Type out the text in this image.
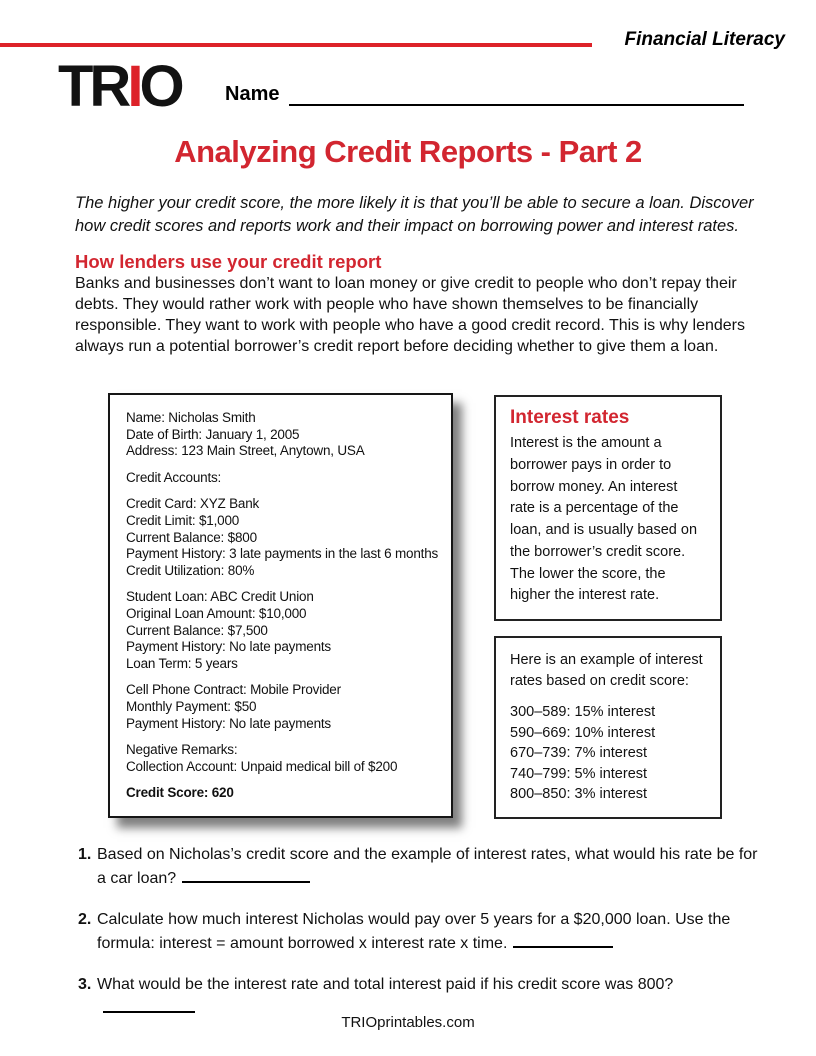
Financial Literacy
TRIO Name
Analyzing Credit Reports - Part 2
The higher your credit score, the more likely it is that you’ll be able to secure a loan. Discover how credit scores and reports work and their impact on borrowing power and interest rates.
How lenders use your credit report
Banks and businesses don’t want to loan money or give credit to people who don’t repay their debts. They would rather work with people who have shown themselves to be financially responsible. They want to work with people who have a good credit record. This is why lenders always run a potential borrower’s credit report before deciding whether to give them a loan.
Name: Nicholas Smith
Date of Birth: January 1, 2005
Address: 123 Main Street, Anytown, USA
Credit Accounts:
Credit Card: XYZ Bank
Credit Limit: $1,000
Current Balance: $800
Payment History: 3 late payments in the last 6 months
Credit Utilization: 80%
Student Loan: ABC Credit Union
Original Loan Amount: $10,000
Current Balance: $7,500
Payment History: No late payments
Loan Term: 5 years
Cell Phone Contract: Mobile Provider
Monthly Payment: $50
Payment History: No late payments
Negative Remarks:
Collection Account: Unpaid medical bill of $200
Credit Score: 620
Interest rates
Interest is the amount a borrower pays in order to borrow money. An interest rate is a percentage of the loan, and is usually based on the borrower’s credit score. The lower the score, the higher the interest rate.
Here is an example of interest rates based on credit score:
300–589: 15% interest
590–669: 10% interest
670–739: 7% interest
740–799: 5% interest
800–850: 3% interest
1. Based on Nicholas’s credit score and the example of interest rates, what would his rate be for a car loan?
2. Calculate how much interest Nicholas would pay over 5 years for a $20,000 loan. Use the formula: interest = amount borrowed x interest rate x time.
3. What would be the interest rate and total interest paid if his credit score was 800?
TRIOprintables.com
